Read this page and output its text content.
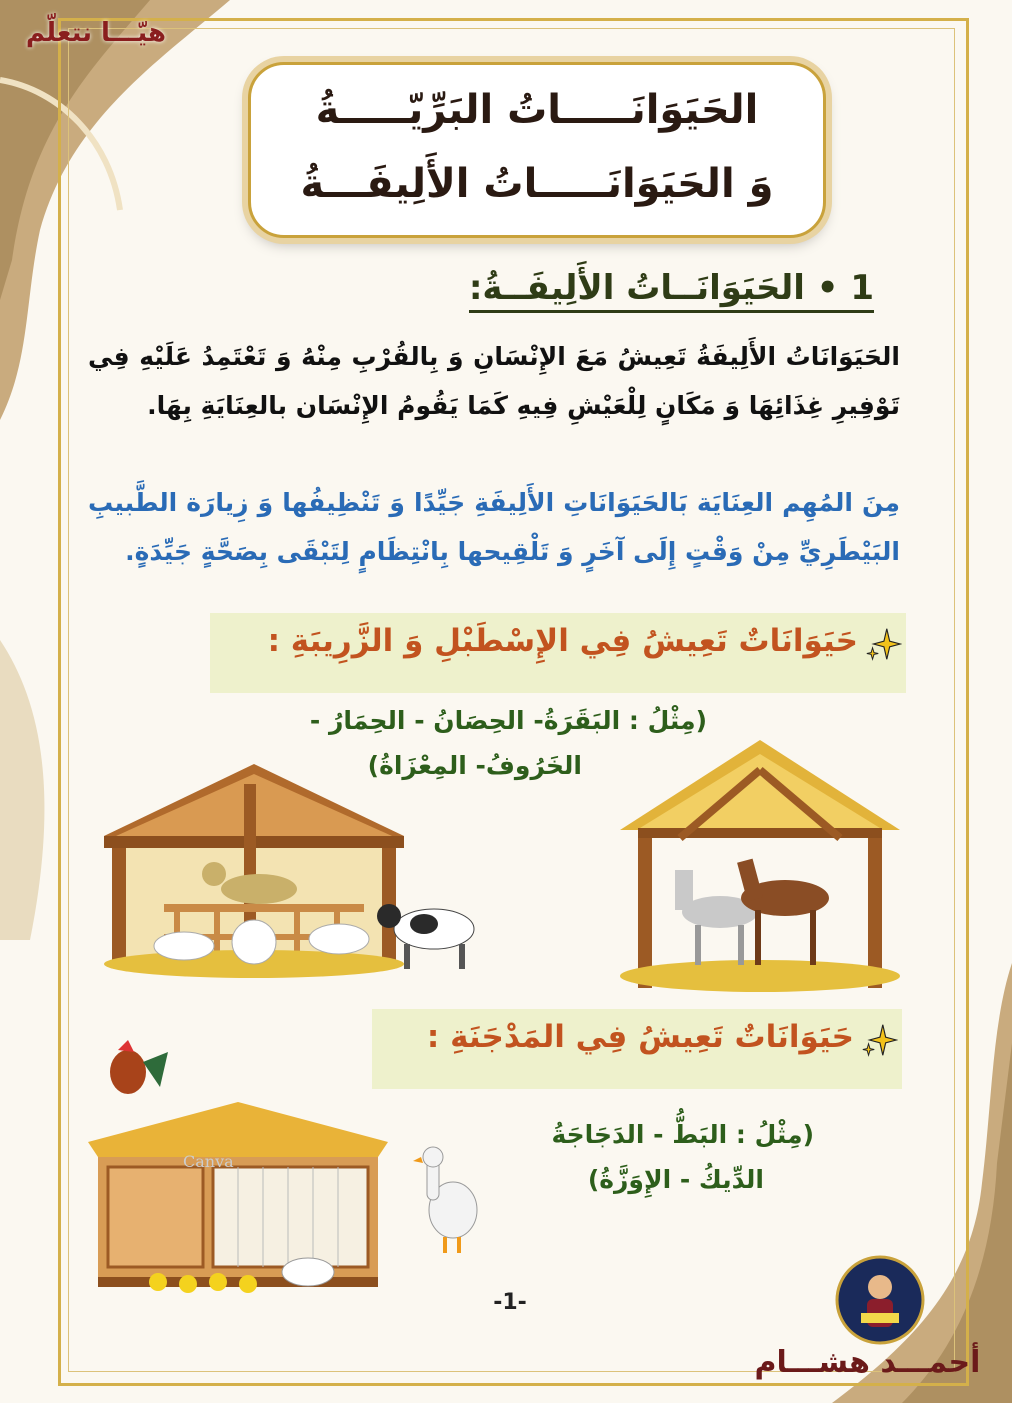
هيّـــا نتعلّم
الحَيَوَانَـــــاتُ البَرِّيّـــــةُ
وَ الحَيَوَانَـــــاتُ الأَلِيفَـــةُ
1 • الحَيَوَانَــاتُ الأَلِيفَــةُ:
الحَيَوَانَاتُ الأَلِيفَةُ تَعِيشُ مَعَ الإِنْسَانِ وَ بِالقُرْبِ مِنْهُ وَ تَعْتَمِدُ عَلَيْهِ فِي تَوْفِيرِ غِذَائِهَا وَ مَكَانٍ لِلْعَيْشِ فِيهِ كَمَا يَقُومُ الإِنْسَان بالعِنَايَةِ بِهَا.
مِنَ المُهِم العِنَايَة بَالحَيَوَانَاتِ الأَلِيفَةِ جَيِّدًا وَ تَنْظِيفُها وَ زِيارَة الطَّبيبِ البَيْطَرِيِّ مِنْ وَقْتٍ إِلَى آخَرٍ وَ تَلْقِيحها بِانْتِظَامٍ لِتَبْقَى بِصَحَّةٍ جَيِّدَةٍ.
حَيَوَانَاتٌ تَعِيشُ فِي الإِسْطَبْلِ وَ الزَّرِيبَةِ :
(مِثْلُ : البَقَرَةُ- الحِصَانُ - الحِمَارُ -
الخَرُوفُ- المِعْزَاةُ)
حَيَوَانَاتٌ تَعِيشُ فِي المَدْجَنَةِ :
(مِثْلُ : البَطُّ - الدَجَاجَةُ
الدِّيكُ - الإِوَزَّةُ)
Canva
-1-
أحمـــد هشـــام
